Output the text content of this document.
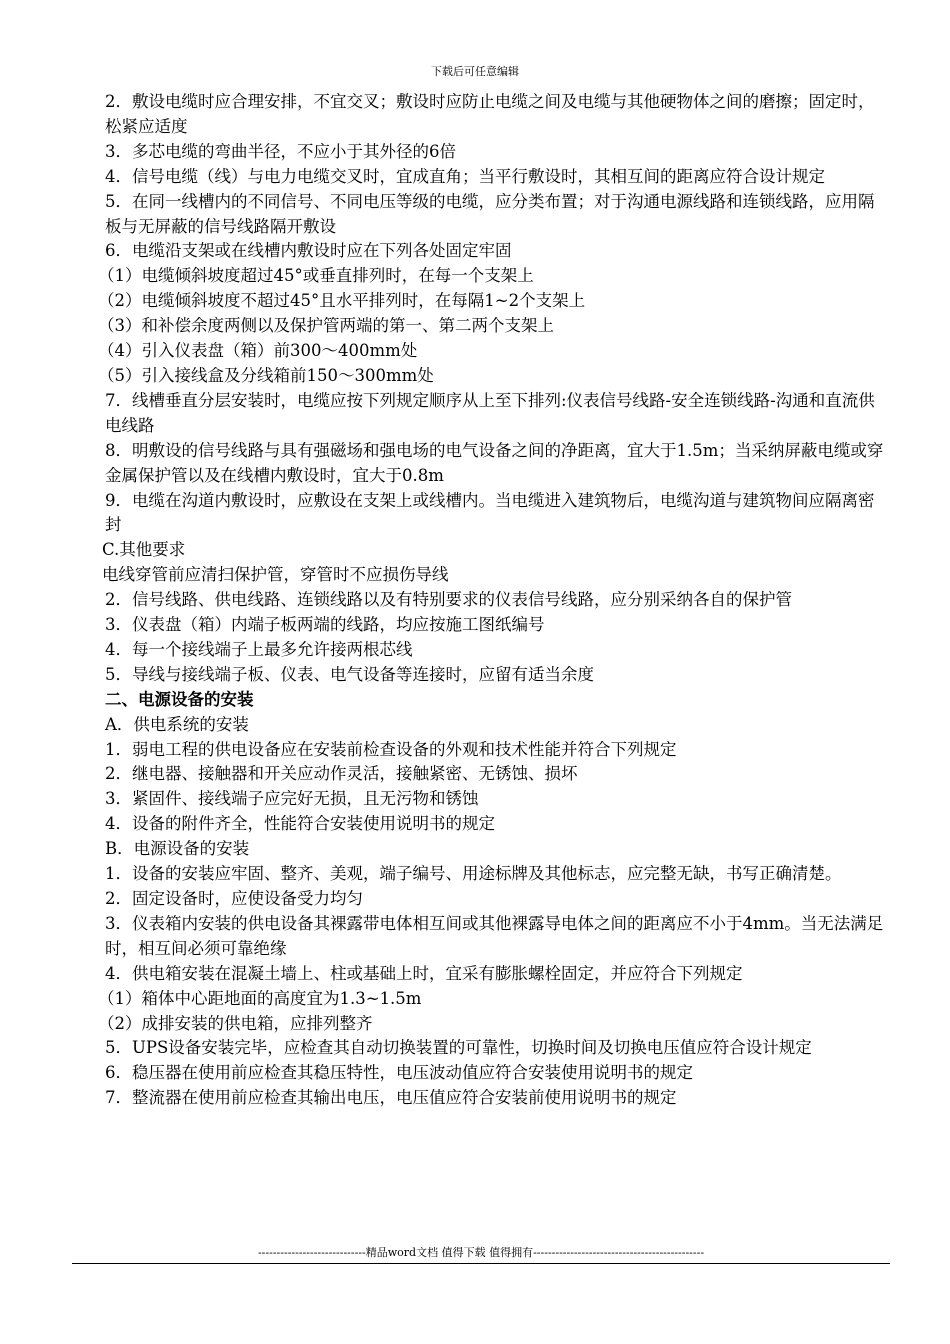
下载后可任意编辑

2．敷设电缆时应合理安排，不宜交叉；敷设时应防止电缆之间及电缆与其他硬物体之间的磨擦；固定时，松紧应适度

3．多芯电缆的弯曲半径，不应小于其外径的6倍

4．信号电缆（线）与电力电缆交叉时，宜成直角；当平行敷设时，其相互间的距离应符合设计规定

5．在同一线槽内的不同信号、不同电压等级的电缆，应分类布置；对于沟通电源线路和连锁线路，应用隔板与无屏蔽的信号线路隔开敷设

6．电缆沿支架或在线槽内敷设时应在下列各处固定牢固

（1）电缆倾斜坡度超过45°或垂直排列时，在每一个支架上

（2）电缆倾斜坡度不超过45°且水平排列时，在每隔1~2个支架上

（3）和补偿余度两侧以及保护管两端的第一、第二两个支架上

（4）引入仪表盘（箱）前300～400mm处

（5）引入接线盒及分线箱前150～300mm处

7．线槽垂直分层安装时，电缆应按下列规定顺序从上至下排列:仪表信号线路-安全连锁线路-沟通和直流供电线路

8．明敷设的信号线路与具有强磁场和强电场的电气设备之间的净距离，宜大于1.5m；当采纳屏蔽电缆或穿金属保护管以及在线槽内敷设时，宜大于0.8m

9．电缆在沟道内敷设时，应敷设在支架上或线槽内。当电缆进入建筑物后，电缆沟道与建筑物间应隔离密封

C.其他要求

电线穿管前应清扫保护管，穿管时不应损伤导线

2．信号线路、供电线路、连锁线路以及有特别要求的仪表信号线路，应分别采纳各自的保护管

3．仪表盘（箱）内端子板两端的线路，均应按施工图纸编号

4．每一个接线端子上最多允许接两根芯线

5．导线与接线端子板、仪表、电气设备等连接时，应留有适当余度

二、电源设备的安装

A．供电系统的安装

1．弱电工程的供电设备应在安装前检查设备的外观和技术性能并符合下列规定

2．继电器、接触器和开关应动作灵活，接触紧密、无锈蚀、损坏

3．紧固件、接线端子应完好无损，且无污物和锈蚀

4．设备的附件齐全，性能符合安装使用说明书的规定

B．电源设备的安装

1．设备的安装应牢固、整齐、美观，端子编号、用途标牌及其他标志，应完整无缺，书写正确清楚。

2．固定设备时，应使设备受力均匀

3．仪表箱内安装的供电设备其裸露带电体相互间或其他裸露导电体之间的距离应不小于4mm。当无法满足时，相互间必须可靠绝缘

4．供电箱安装在混凝土墙上、柱或基础上时，宜采有膨胀螺栓固定，并应符合下列规定

（1）箱体中心距地面的高度宜为1.3~1.5m

（2）成排安装的供电箱，应排列整齐

5．UPS设备安装完毕，应检查其自动切换装置的可靠性，切换时间及切换电压值应符合设计规定

6．稳压器在使用前应检查其稳压特性，电压波动值应符合安装使用说明书的规定

7．整流器在使用前应检查其输出电压，电压值应符合安装前使用说明书的规定

-----------------------------精品word文档 值得下载 值得拥有----------------------------------------------
